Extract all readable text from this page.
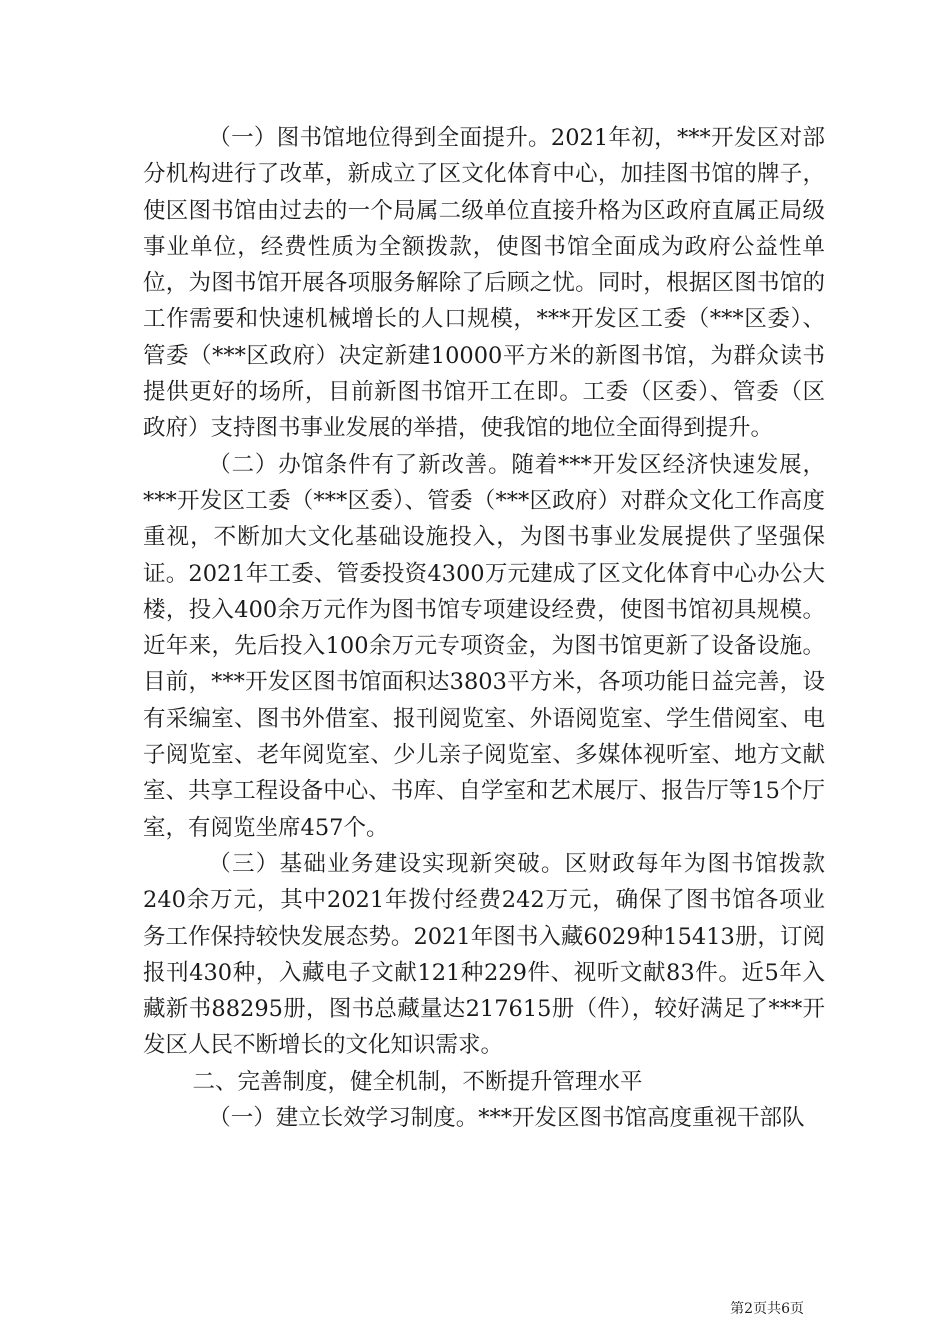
（一）图书馆地位得到全面提升。2021年初，***开发区对部分机构进行了改革，新成立了区文化体育中心，加挂图书馆的牌子，使区图书馆由过去的一个局属二级单位直接升格为区政府直属正局级事业单位，经费性质为全额拨款，使图书馆全面成为政府公益性单位，为图书馆开展各项服务解除了后顾之忧。同时，根据区图书馆的工作需要和快速机械增长的人口规模，***开发区工委（***区委）、管委（***区政府）决定新建10000平方米的新图书馆，为群众读书提供更好的场所，目前新图书馆开工在即。工委（区委）、管委（区政府）支持图书事业发展的举措，使我馆的地位全面得到提升。

（二）办馆条件有了新改善。随着***开发区经济快速发展，***开发区工委（***区委）、管委（***区政府）对群众文化工作高度重视，不断加大文化基础设施投入，为图书事业发展提供了坚强保证。2021年工委、管委投资4300万元建成了区文化体育中心办公大楼，投入400余万元作为图书馆专项建设经费，使图书馆初具规模。近年来，先后投入100余万元专项资金，为图书馆更新了设备设施。目前，***开发区图书馆面积达3803平方米，各项功能日益完善，设有采编室、图书外借室、报刊阅览室、外语阅览室、学生借阅室、电子阅览室、老年阅览室、少儿亲子阅览室、多媒体视听室、地方文献室、共享工程设备中心、书库、自学室和艺术展厅、报告厅等15个厅室，有阅览坐席457个。

（三）基础业务建设实现新突破。区财政每年为图书馆拨款240余万元，其中2021年拨付经费242万元，确保了图书馆各项业务工作保持较快发展态势。2021年图书入藏6029种15413册，订阅报刊430种，入藏电子文献121种229件、视听文献83件。近5年入藏新书88295册，图书总藏量达217615册（件），较好满足了***开发区人民不断增长的文化知识需求。

二、完善制度，健全机制，不断提升管理水平

（一）建立长效学习制度。***开发区图书馆高度重视干部队

第2页共6页
